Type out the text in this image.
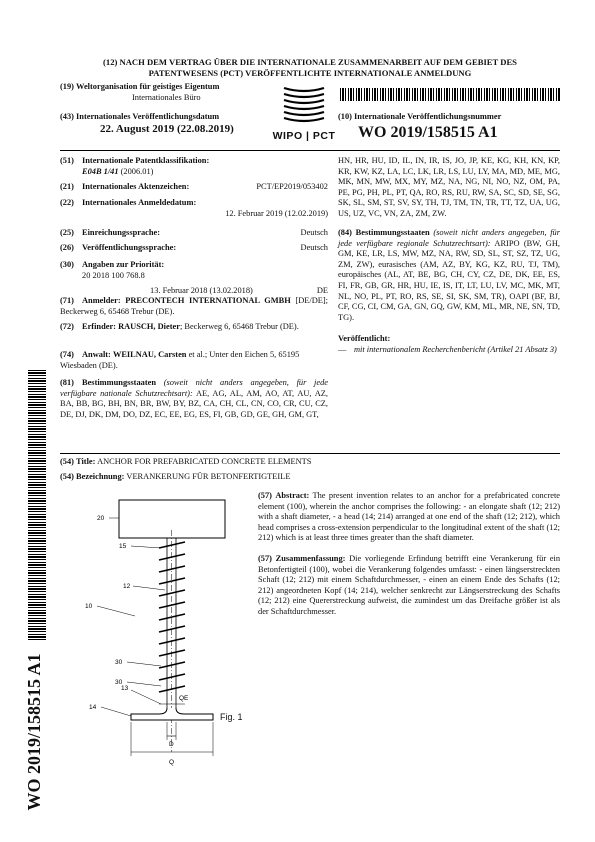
(12) NACH DEM VERTRAG ÜBER DIE INTERNATIONALE ZUSAMMENARBEIT AUF DEM GEBIET DES
PATENTWESENS (PCT) VERÖFFENTLICHTE INTERNATIONALE ANMELDUNG
(19) Weltorganisation für geistiges Eigentum
Internationales Büro
(43) Internationales Veröffentlichungsdatum
22. August 2019 (22.08.2019)
WIPO | PCT
(10) Internationale Veröffentlichungsnummer
WO 2019/158515 A1
(51) Internationale Patentklassifikation:
E04B 1/41 (2006.01)
(21) Internationales Aktenzeichen:	PCT/EP2019/053402
(22) Internationales Anmeldedatum:
12. Februar 2019 (12.02.2019)
(25) Einreichungssprache:	Deutsch
(26) Veröffentlichungssprache:	Deutsch
(30) Angaben zur Priorität:
20 2018 100 768.8
13. Februar 2018 (13.02.2018)	DE
(71) Anmelder: PRECONTECH INTERNATIONAL GMBH [DE/DE]; Beckerweg 6, 65468 Trebur (DE).
(72) Erfinder: RAUSCH, Dieter; Beckerweg 6, 65468 Trebur (DE).
(74) Anwalt: WEILNAU, Carsten et al.; Unter den Eichen 5, 65195 Wiesbaden (DE).
(81) Bestimmungsstaaten (soweit nicht anders angegeben, für jede verfügbare nationale Schutzrechtsart): AE, AG, AL, AM, AO, AT, AU, AZ, BA, BB, BG, BH, BN, BR, BW, BY, BZ, CA, CH, CL, CN, CO, CR, CU, CZ, DE, DJ, DK, DM, DO, DZ, EC, EE, EG, ES, FI, GB, GD, GE, GH, GM, GT,
HN, HR, HU, ID, IL, IN, IR, IS, JO, JP, KE, KG, KH, KN, KP, KR, KW, KZ, LA, LC, LK, LR, LS, LU, LY, MA, MD, ME, MG, MK, MN, MW, MX, MY, MZ, NA, NG, NI, NO, NZ, OM, PA, PE, PG, PH, PL, PT, QA, RO, RS, RU, RW, SA, SC, SD, SE, SG, SK, SL, SM, ST, SV, SY, TH, TJ, TM, TN, TR, TT, TZ, UA, UG, US, UZ, VC, VN, ZA, ZM, ZW.
(84) Bestimmungsstaaten (soweit nicht anders angegeben, für jede verfügbare regionale Schutzrechtsart): ARIPO (BW, GH, GM, KE, LR, LS, MW, MZ, NA, RW, SD, SL, ST, SZ, TZ, UG, ZM, ZW), eurasisches (AM, AZ, BY, KG, KZ, RU, TJ, TM), europäisches (AL, AT, BE, BG, CH, CY, CZ, DE, DK, EE, ES, FI, FR, GB, GR, HR, HU, IE, IS, IT, LT, LU, LV, MC, MK, MT, NL, NO, PL, PT, RO, RS, SE, SI, SK, SM, TR), OAPI (BF, BJ, CF, CG, CI, CM, GA, GN, GQ, GW, KM, ML, MR, NE, SN, TD, TG).
Veröffentlicht:
— mit internationalem Recherchenbericht (Artikel 21 Absatz 3)
WO 2019/158515 A1
(54) Title: ANCHOR FOR PREFABRICATED CONCRETE ELEMENTS
(54) Bezeichnung: VERANKERUNG FÜR BETONFERTIGTEILE
(57) Abstract: The present invention relates to an anchor for a prefabricated concrete element (100), wherein the anchor comprises the following: - an elongate shaft (12; 212) with a shaft diameter, - a head (14; 214) arranged at one end of the shaft (12; 212), which head comprises a cross-extension perpendicular to the longitudinal extent of the shaft (12; 212) which is at least three times greater than the shaft diameter.
(57) Zusammenfassung: Die vorliegende Erfindung betrifft eine Verankerung für ein Betonfertigteil (100), wobei die Verankerung folgendes umfasst: - einen längserstreckten Schaft (12; 212) mit einem Schaftdurchmesser, - einen an einem Ende des Schafts (12; 212) angeordneten Kopf (14; 214), welcher senkrecht zur Längserstreckung des Schafts (12; 212) eine Quererstreckung aufweist, die zumindest um das Dreifache größer ist als der Schaftdurchmesser.
20
15
12
10
30
30
QE
13
14
D
Q
Fig. 1
